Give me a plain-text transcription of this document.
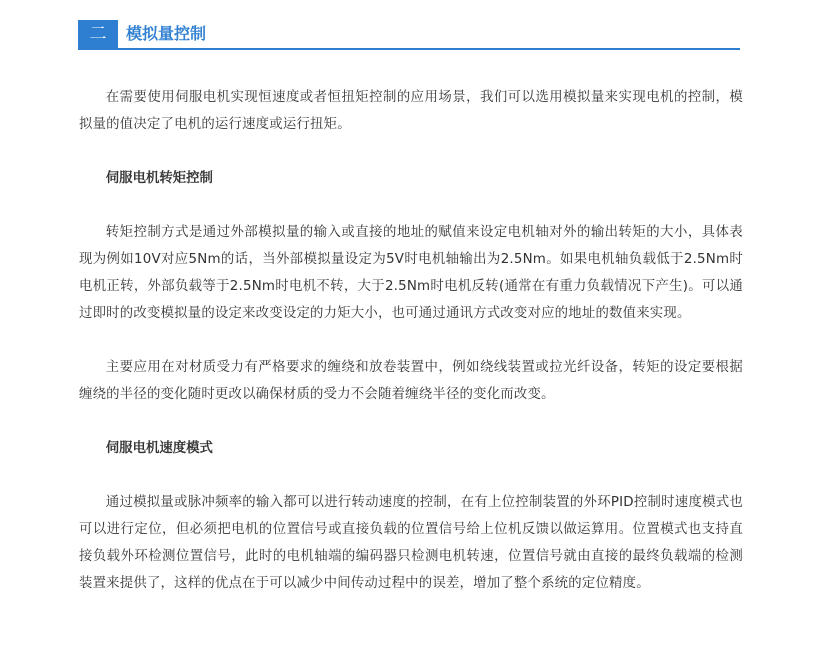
二	模拟量控制

在需要使用伺服电机实现恒速度或者恒扭矩控制的应用场景，我们可以选用模拟量来实现电机的控制，模拟量的值决定了电机的运行速度或运行扭矩。

伺服电机转矩控制

转矩控制方式是通过外部模拟量的输入或直接的地址的赋值来设定电机轴对外的输出转矩的大小，具体表现为例如10V对应5Nm的话，当外部模拟量设定为5V时电机轴输出为2.5Nm。如果电机轴负载低于2.5Nm时电机正转，外部负载等于2.5Nm时电机不转，大于2.5Nm时电机反转(通常在有重力负载情况下产生)。可以通过即时的改变模拟量的设定来改变设定的力矩大小，也可通过通讯方式改变对应的地址的数值来实现。

主要应用在对材质受力有严格要求的缠绕和放卷装置中，例如绕线装置或拉光纤设备，转矩的设定要根据缠绕的半径的变化随时更改以确保材质的受力不会随着缠绕半径的变化而改变。

伺服电机速度模式

通过模拟量或脉冲频率的输入都可以进行转动速度的控制，在有上位控制装置的外环PID控制时速度模式也可以进行定位，但必须把电机的位置信号或直接负载的位置信号给上位机反馈以做运算用。位置模式也支持直接负载外环检测位置信号，此时的电机轴端的编码器只检测电机转速，位置信号就由直接的最终负载端的检测装置来提供了，这样的优点在于可以减少中间传动过程中的误差，增加了整个系统的定位精度。
